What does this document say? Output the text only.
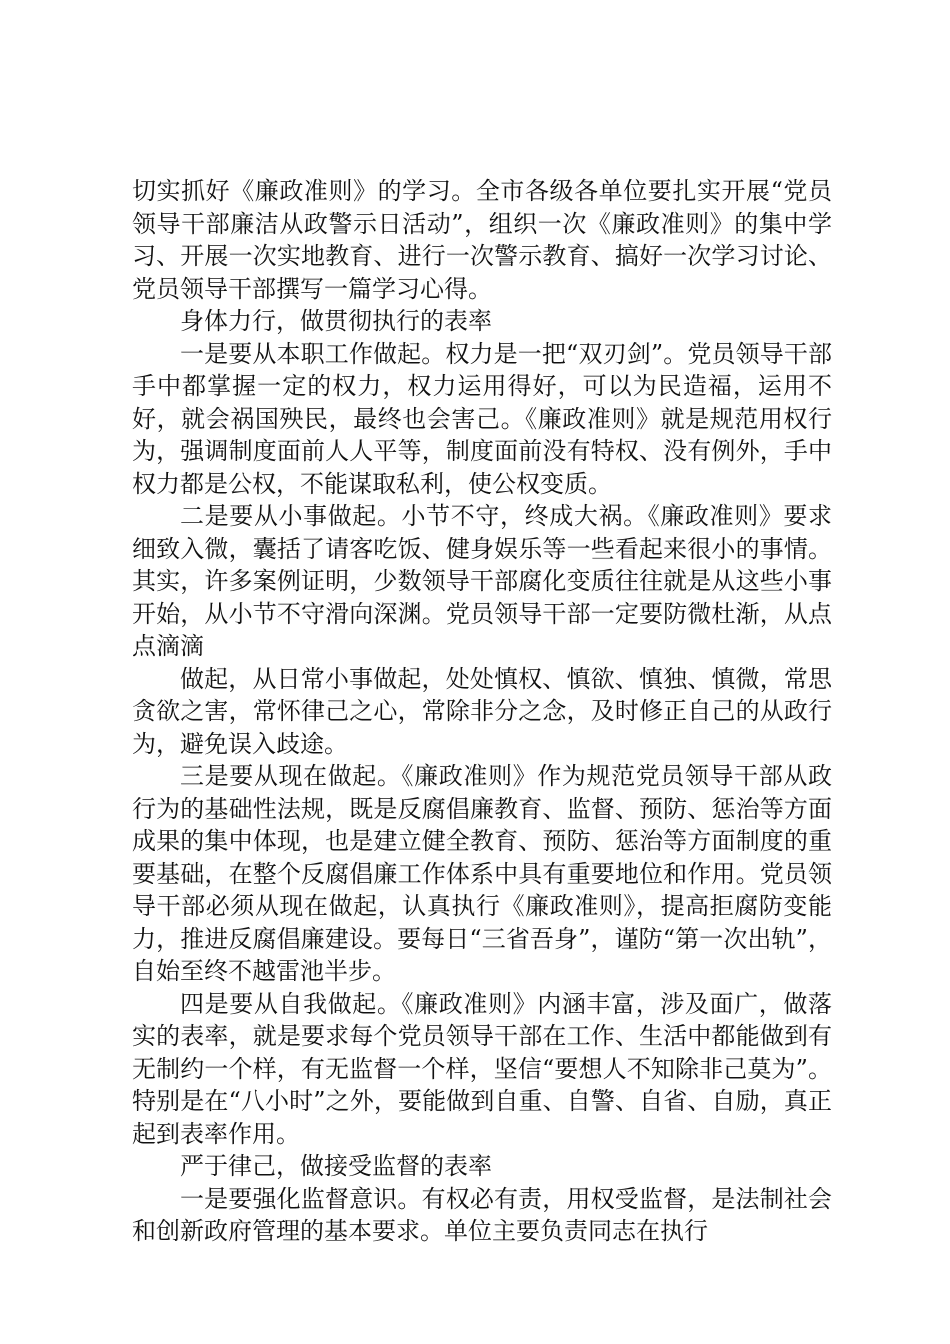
切实抓好《廉政准则》的学习。全市各级各单位要扎实开展“党员领导干部廉洁从政警示日活动”，组织一次《廉政准则》的集中学习、开展一次实地教育、进行一次警示教育、搞好一次学习讨论、党员领导干部撰写一篇学习心得。

身体力行，做贯彻执行的表率

一是要从本职工作做起。权力是一把“双刃剑”。党员领导干部手中都掌握一定的权力，权力运用得好，可以为民造福，运用不好，就会祸国殃民，最终也会害己。《廉政准则》就是规范用权行为，强调制度面前人人平等，制度面前没有特权、没有例外，手中权力都是公权，不能谋取私利，使公权变质。

二是要从小事做起。小节不守，终成大祸。《廉政准则》要求细致入微，囊括了请客吃饭、健身娱乐等一些看起来很小的事情。其实，许多案例证明，少数领导干部腐化变质往往就是从这些小事开始，从小节不守滑向深渊。党员领导干部一定要防微杜渐，从点点滴滴

做起，从日常小事做起，处处慎权、慎欲、慎独、慎微，常思贪欲之害，常怀律己之心，常除非分之念，及时修正自己的从政行为，避免误入歧途。

三是要从现在做起。《廉政准则》作为规范党员领导干部从政行为的基础性法规，既是反腐倡廉教育、监督、预防、惩治等方面成果的集中体现，也是建立健全教育、预防、惩治等方面制度的重要基础，在整个反腐倡廉工作体系中具有重要地位和作用。党员领导干部必须从现在做起，认真执行《廉政准则》，提高拒腐防变能力，推进反腐倡廉建设。要每日“三省吾身”，谨防“第一次出轨”，自始至终不越雷池半步。

四是要从自我做起。《廉政准则》内涵丰富，涉及面广，做落实的表率，就是要求每个党员领导干部在工作、生活中都能做到有无制约一个样，有无监督一个样，坚信“要想人不知除非己莫为”。特别是在“八小时”之外，要能做到自重、自警、自省、自励，真正起到表率作用。

严于律己，做接受监督的表率

一是要强化监督意识。有权必有责，用权受监督，是法制社会和创新政府管理的基本要求。单位主要负责同志在执行
